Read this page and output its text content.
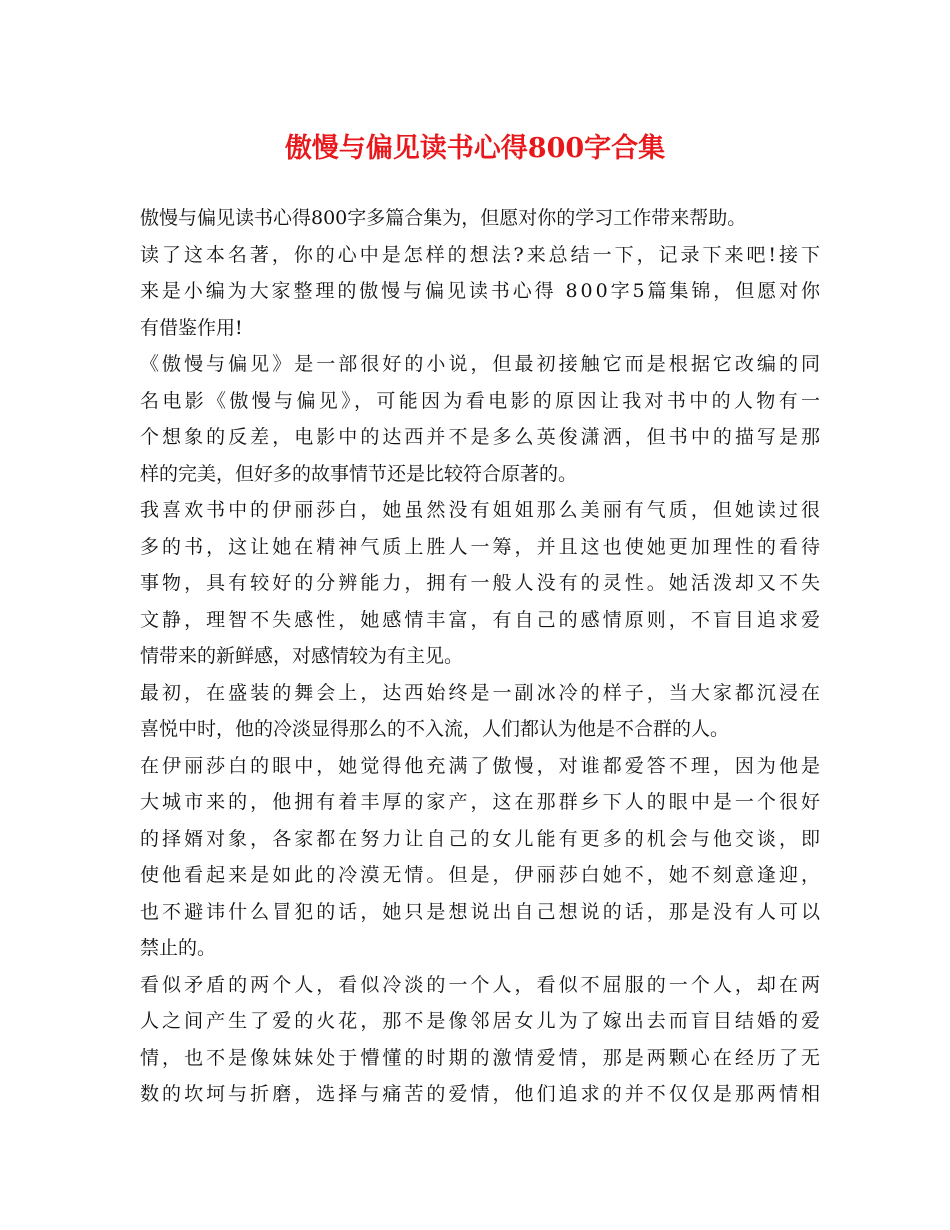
傲慢与偏见读书心得800字合集
傲慢与偏见读书心得800字多篇合集为，但愿对你的学习工作带来帮助。
读了这本名著，你的心中是怎样的想法?来总结一下，记录下来吧!接下
来是小编为大家整理的傲慢与偏见读书心得 800字5篇集锦，但愿对你
有借鉴作用!
《傲慢与偏见》是一部很好的小说，但最初接触它而是根据它改编的同
名电影《傲慢与偏见》，可能因为看电影的原因让我对书中的人物有一
个想象的反差，电影中的达西并不是多么英俊潇洒，但书中的描写是那
样的完美，但好多的故事情节还是比较符合原著的。
我喜欢书中的伊丽莎白，她虽然没有姐姐那么美丽有气质，但她读过很
多的书，这让她在精神气质上胜人一筹，并且这也使她更加理性的看待
事物，具有较好的分辨能力，拥有一般人没有的灵性。她活泼却又不失
文静，理智不失感性，她感情丰富，有自己的感情原则，不盲目追求爱
情带来的新鲜感，对感情较为有主见。
最初，在盛装的舞会上，达西始终是一副冰冷的样子，当大家都沉浸在
喜悦中时，他的冷淡显得那么的不入流，人们都认为他是不合群的人。
在伊丽莎白的眼中，她觉得他充满了傲慢，对谁都爱答不理，因为他是
大城市来的，他拥有着丰厚的家产，这在那群乡下人的眼中是一个很好
的择婿对象，各家都在努力让自己的女儿能有更多的机会与他交谈，即
使他看起来是如此的冷漠无情。但是，伊丽莎白她不，她不刻意逢迎，
也不避讳什么冒犯的话，她只是想说出自己想说的话，那是没有人可以
禁止的。
看似矛盾的两个人，看似冷淡的一个人，看似不屈服的一个人，却在两
人之间产生了爱的火花，那不是像邻居女儿为了嫁出去而盲目结婚的爱
情，也不是像妹妹处于懵懂的时期的激情爱情，那是两颗心在经历了无
数的坎坷与折磨，选择与痛苦的爱情，他们追求的并不仅仅是那两情相
